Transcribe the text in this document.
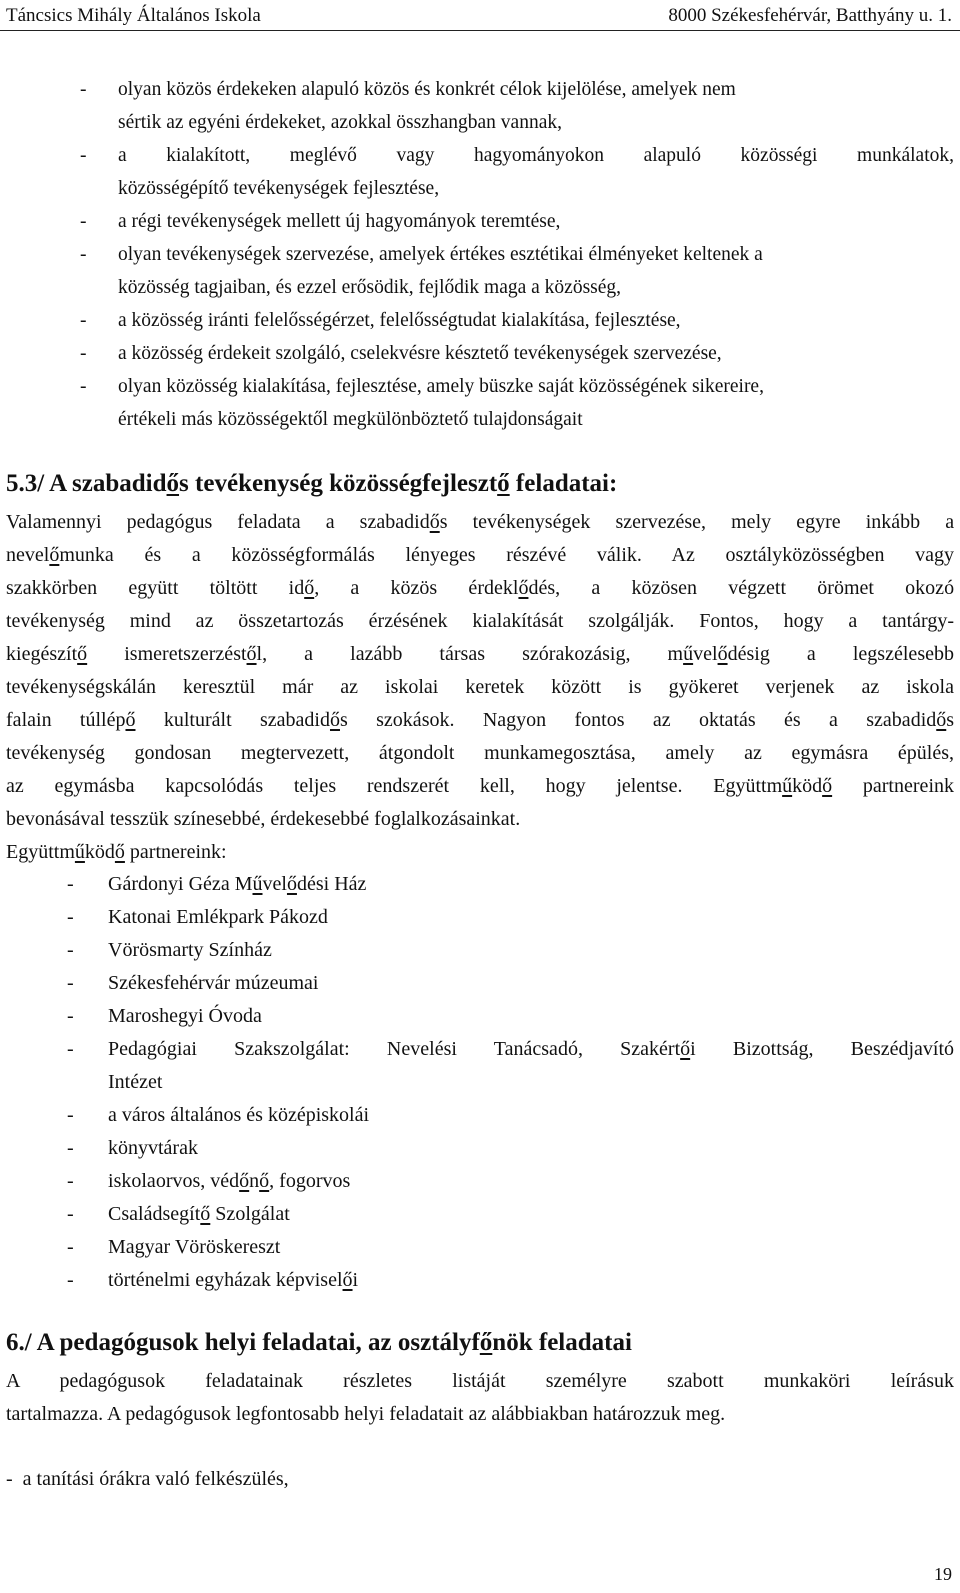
Táncsics Mihály Általános Iskola	8000 Székesfehérvár, Batthyány u. 1.
- olyan közös érdekeken alapuló közös és konkrét célok kijelölése, amelyek nem
sértik az egyéni érdekeket, azokkal összhangban vannak,
- a kialakított, meglévő vagy hagyományokon alapuló közösségi munkálatok,
közösségépítő tevékenységek fejlesztése,
- a régi tevékenységek mellett új hagyományok teremtése,
- olyan tevékenységek szervezése, amelyek értékes esztétikai élményeket keltenek a
közösség tagjaiban, és ezzel erősödik, fejlődik maga a közösség,
- a közösség iránti felelősségérzet, felelősségtudat kialakítása, fejlesztése,
- a közösség érdekeit szolgáló, cselekvésre késztető tevékenységek szervezése,
- olyan közösség kialakítása, fejlesztése, amely büszke saját közösségének sikereire,
értékeli más közösségektől megkülönböztető tulajdonságait
5.3/ A szabadidős tevékenység közösségfejlesztő feladatai:
Valamennyi pedagógus feladata a szabadidős tevékenységek szervezése, mely egyre inkább a
nevelőmunka és a közösségformálás lényeges részévé válik. Az osztályközösségben vagy
szakkörben együtt töltött idő, a közös érdeklődés, a közösen végzett örömet okozó
tevékenység mind az összetartozás érzésének kialakítását szolgálják. Fontos, hogy a tantárgy-
kiegészítő ismeretszerzéstől, a lazább társas szórakozásig, művelődésig a legszélesebb
tevékenységskálán keresztül már az iskolai keretek között is gyökeret verjenek az iskola
falain túllépő kulturált szabadidős szokások. Nagyon fontos az oktatás és a szabadidős
tevékenység gondosan megtervezett, átgondolt munkamegosztása, amely az egymásra épülés,
az egymásba kapcsolódás teljes rendszerét kell, hogy jelentse. Együttműködő partnereink
bevonásával tesszük színesebbé, érdekesebbé foglalkozásainkat.
Együttműködő partnereink:
- Gárdonyi Géza Művelődési Ház
- Katonai Emlékpark Pákozd
- Vörösmarty Színház
- Székesfehérvár múzeumai
- Maroshegyi Óvoda
- Pedagógiai Szakszolgálat: Nevelési Tanácsadó, Szakértői Bizottság, Beszédjavító
Intézet
- a város általános és középiskolái
- könyvtárak
- iskolaorvos, védőnő, fogorvos
- Családsegítő Szolgálat
- Magyar Vöröskereszt
- történelmi egyházak képviselői
6./ A pedagógusok helyi feladatai, az osztályfőnök feladatai
A pedagógusok feladatainak részletes listáját személyre szabott munkaköri leírásuk
tartalmazza. A pedagógusok legfontosabb helyi feladatait az alábbiakban határozzuk meg.
-  a tanítási órákra való felkészülés,
19
